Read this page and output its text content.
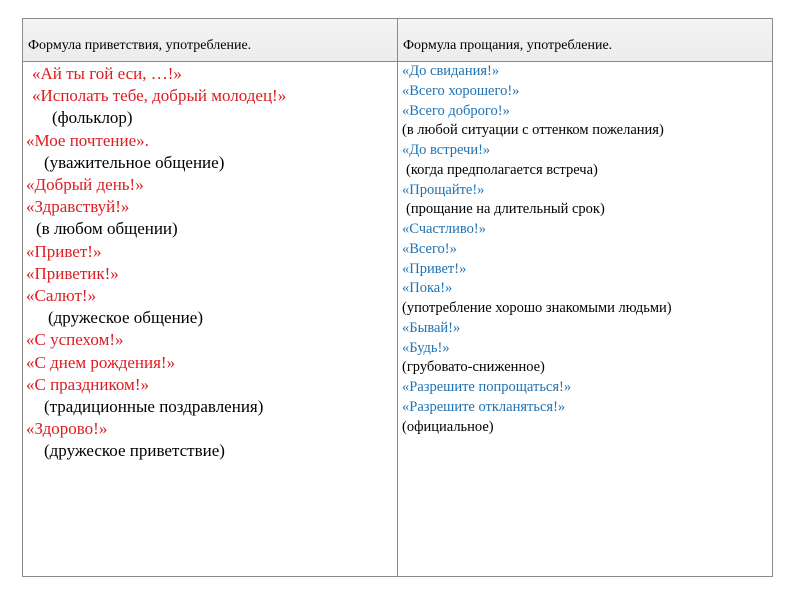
Формула приветствия, употребление.	Формула прощания, употребление.
«Ай ты гой еси, …!»
«Исполать тебе, добрый молодец!»
(фольклор)
«Мое почтение».
(уважительное общение)
«Добрый день!»
«Здравствуй!»
(в любом общении)
«Привет!»
«Приветик!»
«Салют!»
(дружеское общение)
«С успехом!»
«С днем рождения!»
«С праздником!»
(традиционные поздравления)
«Здорово!»
(дружеское приветствие)
«До свидания!»
«Всего хорошего!»
«Всего доброго!»
(в любой ситуации с оттенком пожелания)
«До встречи!»
(когда предполагается встреча)
«Прощайте!»
(прощание на длительный срок)
«Счастливо!»
«Всего!»
«Привет!»
«Пока!»
(употребление хорошо знакомыми людьми)
«Бывай!»
«Будь!»
(грубовато-сниженное)
«Разрешите попрощаться!»
«Разрешите откланяться!»
(официальное)
